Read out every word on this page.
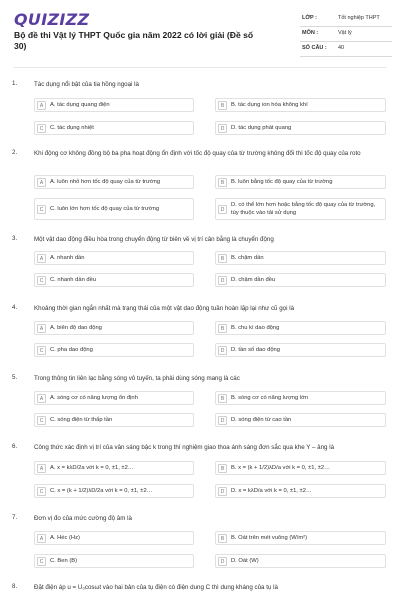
QUIZIZZ
Bộ đề thi Vật lý THPT Quốc gia năm 2022 có lời giải (Đề số 30)
LỚP :	Tốt nghiệp THPT
MÔN :	Vật lý
SỐ CÂU : 40
1.	Tác dụng nổi bật của tia hồng ngoại là
A	A. tác dụng quang điện	B	B. tác dụng ion hóa không khí
C	C. tác dụng nhiệt	D	D. tác dụng phát quang
2.	Khi động cơ không đồng bộ ba pha hoạt động ổn định với tốc độ quay của từ trường không đổi thì tốc độ quay của roto
A	A. luôn nhỏ hơn tốc độ quay của từ trường	B	B. luôn bằng tốc độ quay của từ trường
C	C. luôn lớn hơn tốc độ quay của từ trường	D
D. có thể lớn hơn hoặc bằng tốc độ quay của từ trường, tùy thuộc vào tải sử dụng
3.	Một vật dao động điều hòa trong chuyển động từ biên về vị trí cân bằng là chuyển động
A	A. nhanh dần	B	B. chậm dần
C	C. nhanh dần đều	D	D. chậm dần đều
4.	Khoảng thời gian ngắn nhất mà trạng thái của một vật dao động tuần hoàn lặp lại như cũ gọi là
A	A. biên độ dao động	B	B. chu kì dao động
C	C. pha dao động	D	D. tần số dao động
5.	Trong thông tin liên lạc bằng sóng vô tuyến, ta phải dùng sóng mang là các
A	A. sóng cơ có năng lượng ổn định	B	B. sóng cơ có năng lượng lớn
C	C. sóng điện từ thấp tần	D	D. sóng điện từ cao tần
6.	Công thức xác định vị trí của vân sáng bậc k trong thí nghiệm giao thoa ánh sáng đơn sắc qua khe Y – âng là
A	A. x = kλD/2a với k = 0, ±1, ±2…	B	B. x = (k + 1/2)λD/a với k = 0, ±1, ±2…
C	C. x = (k + 1/2)λD/2a với k = 0, ±1, ±2…	D	D. x = kλD/a với k = 0, ±1, ±2…
7.	Đơn vị đo của mức cường độ âm là
A	A. Héc (Hz)	B	B. Oát trên mét vuông (W/m²)
C	C. Ben (B)	D	D. Oát (W)
8.	Đặt điện áp u = U₀cosωt vào hai bản của tụ điện có điện dung C thì dung kháng của tụ là
